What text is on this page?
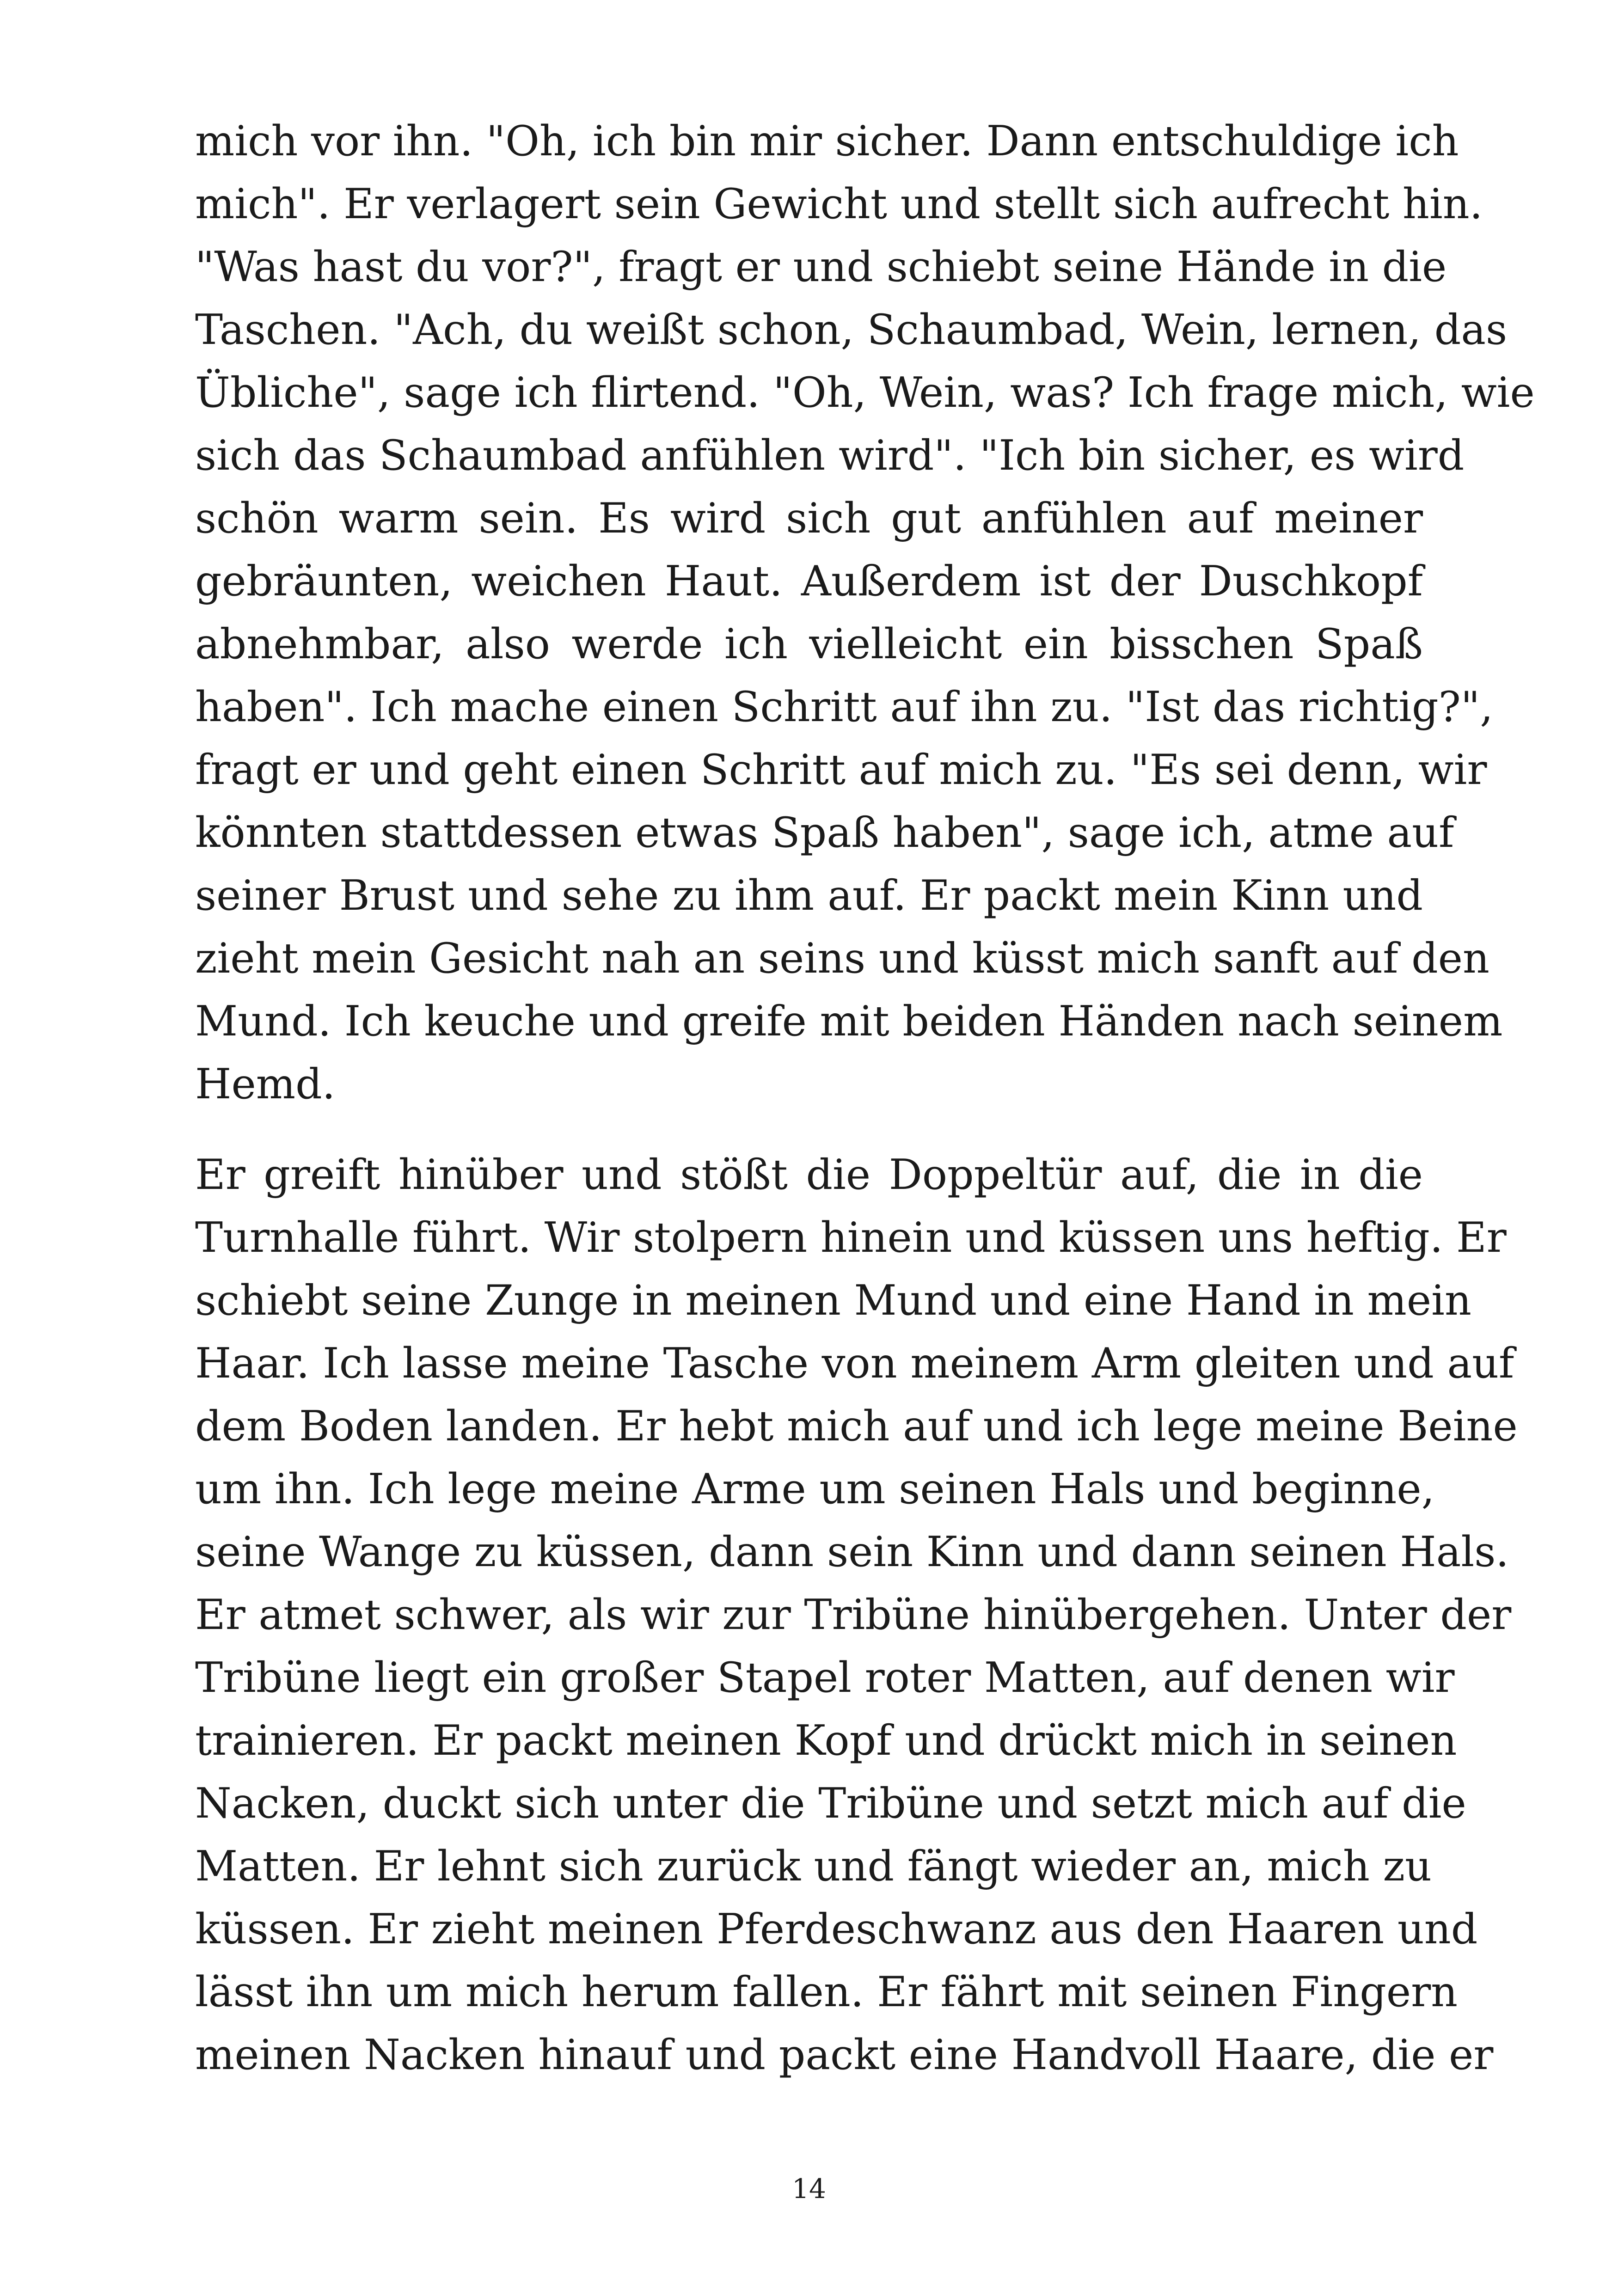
mich vor ihn. "Oh, ich bin mir sicher. Dann entschuldige ich
mich". Er verlagert sein Gewicht und stellt sich aufrecht hin.
"Was hast du vor?", fragt er und schiebt seine Hände in die
Taschen. "Ach, du weißt schon, Schaumbad, Wein, lernen, das
Übliche", sage ich flirtend. "Oh, Wein, was? Ich frage mich, wie
sich das Schaumbad anfühlen wird". "Ich bin sicher, es wird
schön warm sein. Es wird sich gut anfühlen auf meiner
gebräunten, weichen Haut. Außerdem ist der Duschkopf
abnehmbar, also werde ich vielleicht ein bisschen Spaß
haben". Ich mache einen Schritt auf ihn zu. "Ist das richtig?",
fragt er und geht einen Schritt auf mich zu. "Es sei denn, wir
könnten stattdessen etwas Spaß haben", sage ich, atme auf
seiner Brust und sehe zu ihm auf. Er packt mein Kinn und
zieht mein Gesicht nah an seins und küsst mich sanft auf den
Mund. Ich keuche und greife mit beiden Händen nach seinem
Hemd.

Er greift hinüber und stößt die Doppeltür auf, die in die
Turnhalle führt. Wir stolpern hinein und küssen uns heftig. Er
schiebt seine Zunge in meinen Mund und eine Hand in mein
Haar. Ich lasse meine Tasche von meinem Arm gleiten und auf
dem Boden landen. Er hebt mich auf und ich lege meine Beine
um ihn. Ich lege meine Arme um seinen Hals und beginne,
seine Wange zu küssen, dann sein Kinn und dann seinen Hals.
Er atmet schwer, als wir zur Tribüne hinübergehen. Unter der
Tribüne liegt ein großer Stapel roter Matten, auf denen wir
trainieren. Er packt meinen Kopf und drückt mich in seinen
Nacken, duckt sich unter die Tribüne und setzt mich auf die
Matten. Er lehnt sich zurück und fängt wieder an, mich zu
küssen. Er zieht meinen Pferdeschwanz aus den Haaren und
lässt ihn um mich herum fallen. Er fährt mit seinen Fingern
meinen Nacken hinauf und packt eine Handvoll Haare, die er

14
